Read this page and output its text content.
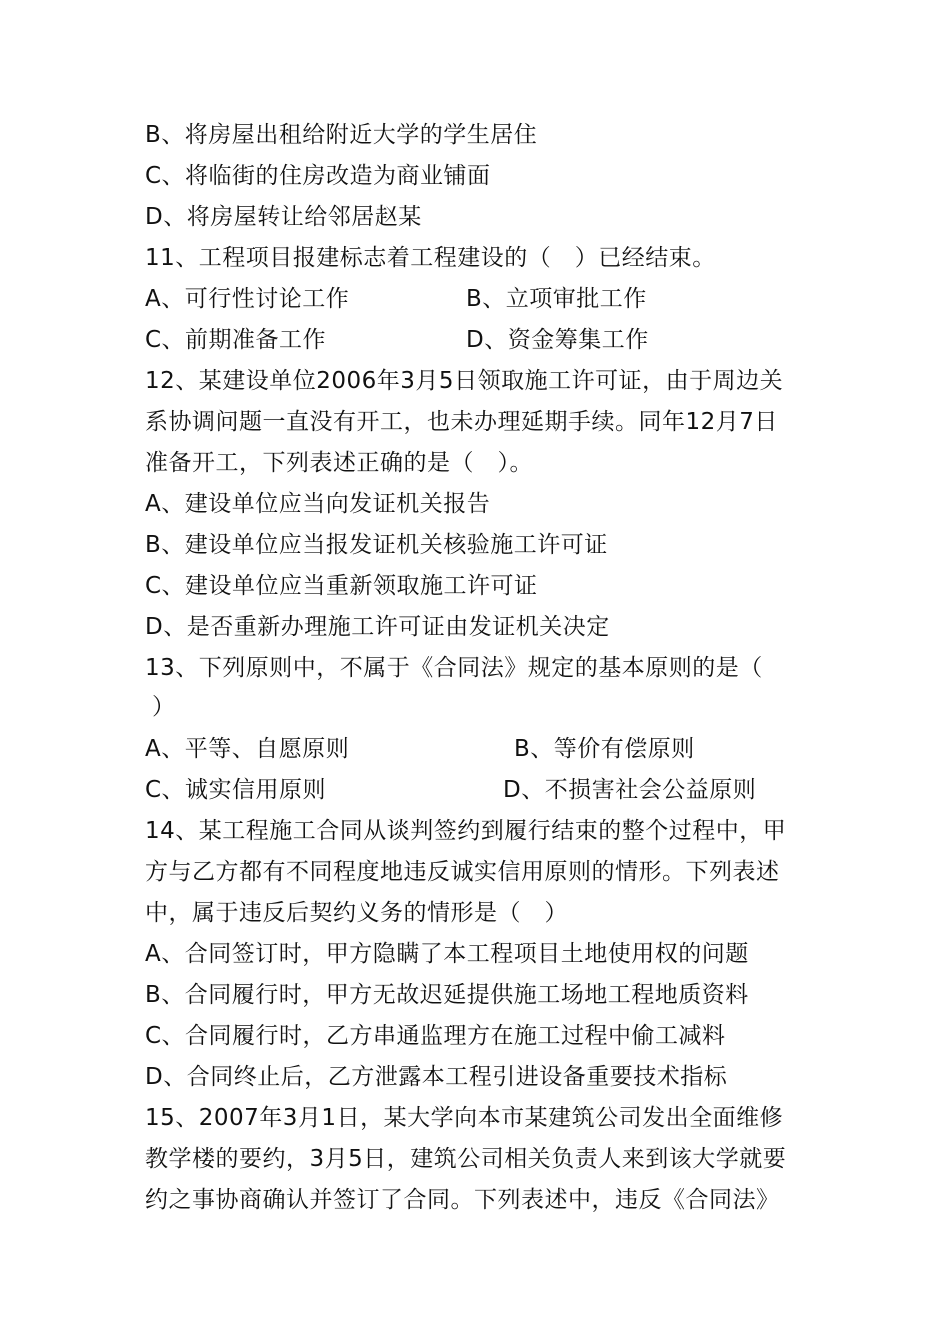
B、将房屋出租给附近大学的学生居住
C、将临街的住房改造为商业铺面
D、将房屋转让给邻居赵某
11、工程项目报建标志着工程建设的（　）已经结束。
A、可行性讨论工作	B、立项审批工作
C、前期准备工作	D、资金筹集工作
12、某建设单位2006年3月5日领取施工许可证，由于周边关
系协调问题一直没有开工，也未办理延期手续。同年12月7日
准备开工，下列表述正确的是（　）。
A、建设单位应当向发证机关报告
B、建设单位应当报发证机关核验施工许可证
C、建设单位应当重新领取施工许可证
D、是否重新办理施工许可证由发证机关决定
13、下列原则中，不属于《合同法》规定的基本原则的是（
）
A、平等、自愿原则	B、等价有偿原则
C、诚实信用原则	D、不损害社会公益原则
14、某工程施工合同从谈判签约到履行结束的整个过程中，甲
方与乙方都有不同程度地违反诚实信用原则的情形。下列表述
中，属于违反后契约义务的情形是（　）
A、合同签订时，甲方隐瞒了本工程项目土地使用权的问题
B、合同履行时，甲方无故迟延提供施工场地工程地质资料
C、合同履行时，乙方串通监理方在施工过程中偷工减料
D、合同终止后，乙方泄露本工程引进设备重要技术指标
15、2007年3月1日，某大学向本市某建筑公司发出全面维修
教学楼的要约，3月5日，建筑公司相关负责人来到该大学就要
约之事协商确认并签订了合同。下列表述中，违反《合同法》
